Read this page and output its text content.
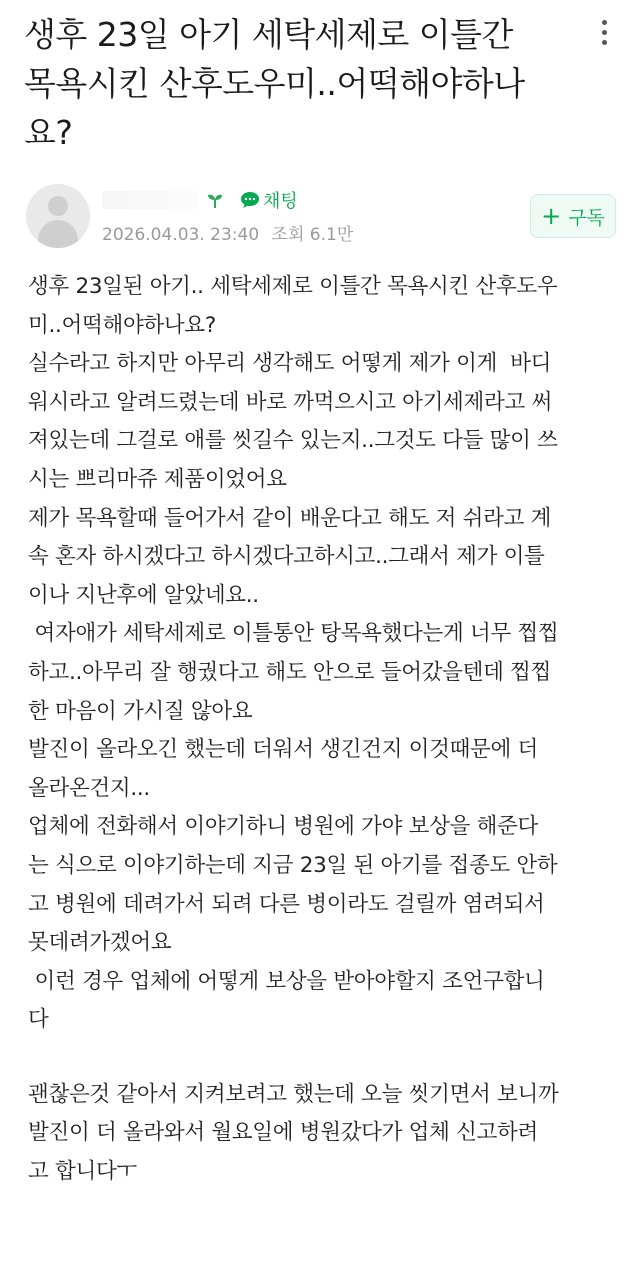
생후 23일 아기 세탁세제로 이틀간
목욕시킨 산후도우미..어떡해야하나
요?
채팅
2026.04.03. 23:40 조회 6.1만
+ 구독
생후 23일된 아기.. 세탁세제로 이틀간 목욕시킨 산후도우
미..어떡해야하나요?
실수라고 하지만 아무리 생각해도 어떻게 제가 이게  바디
워시라고 알려드렸는데 바로 까먹으시고 아기세제라고 써
져있는데 그걸로 애를 씻길수 있는지..그것도 다들 많이 쓰
시는 쁘리마쥬 제품이었어요
제가 목욕할때 들어가서 같이 배운다고 해도 저 쉬라고 계
속 혼자 하시겠다고 하시겠다고하시고..그래서 제가 이틀
이나 지난후에 알았네요..
여자애가 세탁세제로 이틀통안 탕목욕했다는게 너무 찝찝
하고..아무리 잘 행궜다고 해도 안으로 들어갔을텐데 찝찝
한 마음이 가시질 않아요
발진이 올라오긴 했는데 더워서 생긴건지 이것때문에 더
올라온건지...
업체에 전화해서 이야기하니 병원에 가야 보상을 해준다
는 식으로 이야기하는데 지금 23일 된 아기를 접종도 안하
고 병원에 데려가서 되려 다른 병이라도 걸릴까 염려되서
못데려가겠어요
이런 경우 업체에 어떻게 보상을 받아야할지 조언구합니
다
괜찮은것 같아서 지켜보려고 했는데 오늘 씻기면서 보니까
발진이 더 올라와서 월요일에 병원갔다가 업체 신고하려
고 합니다ㅜ
